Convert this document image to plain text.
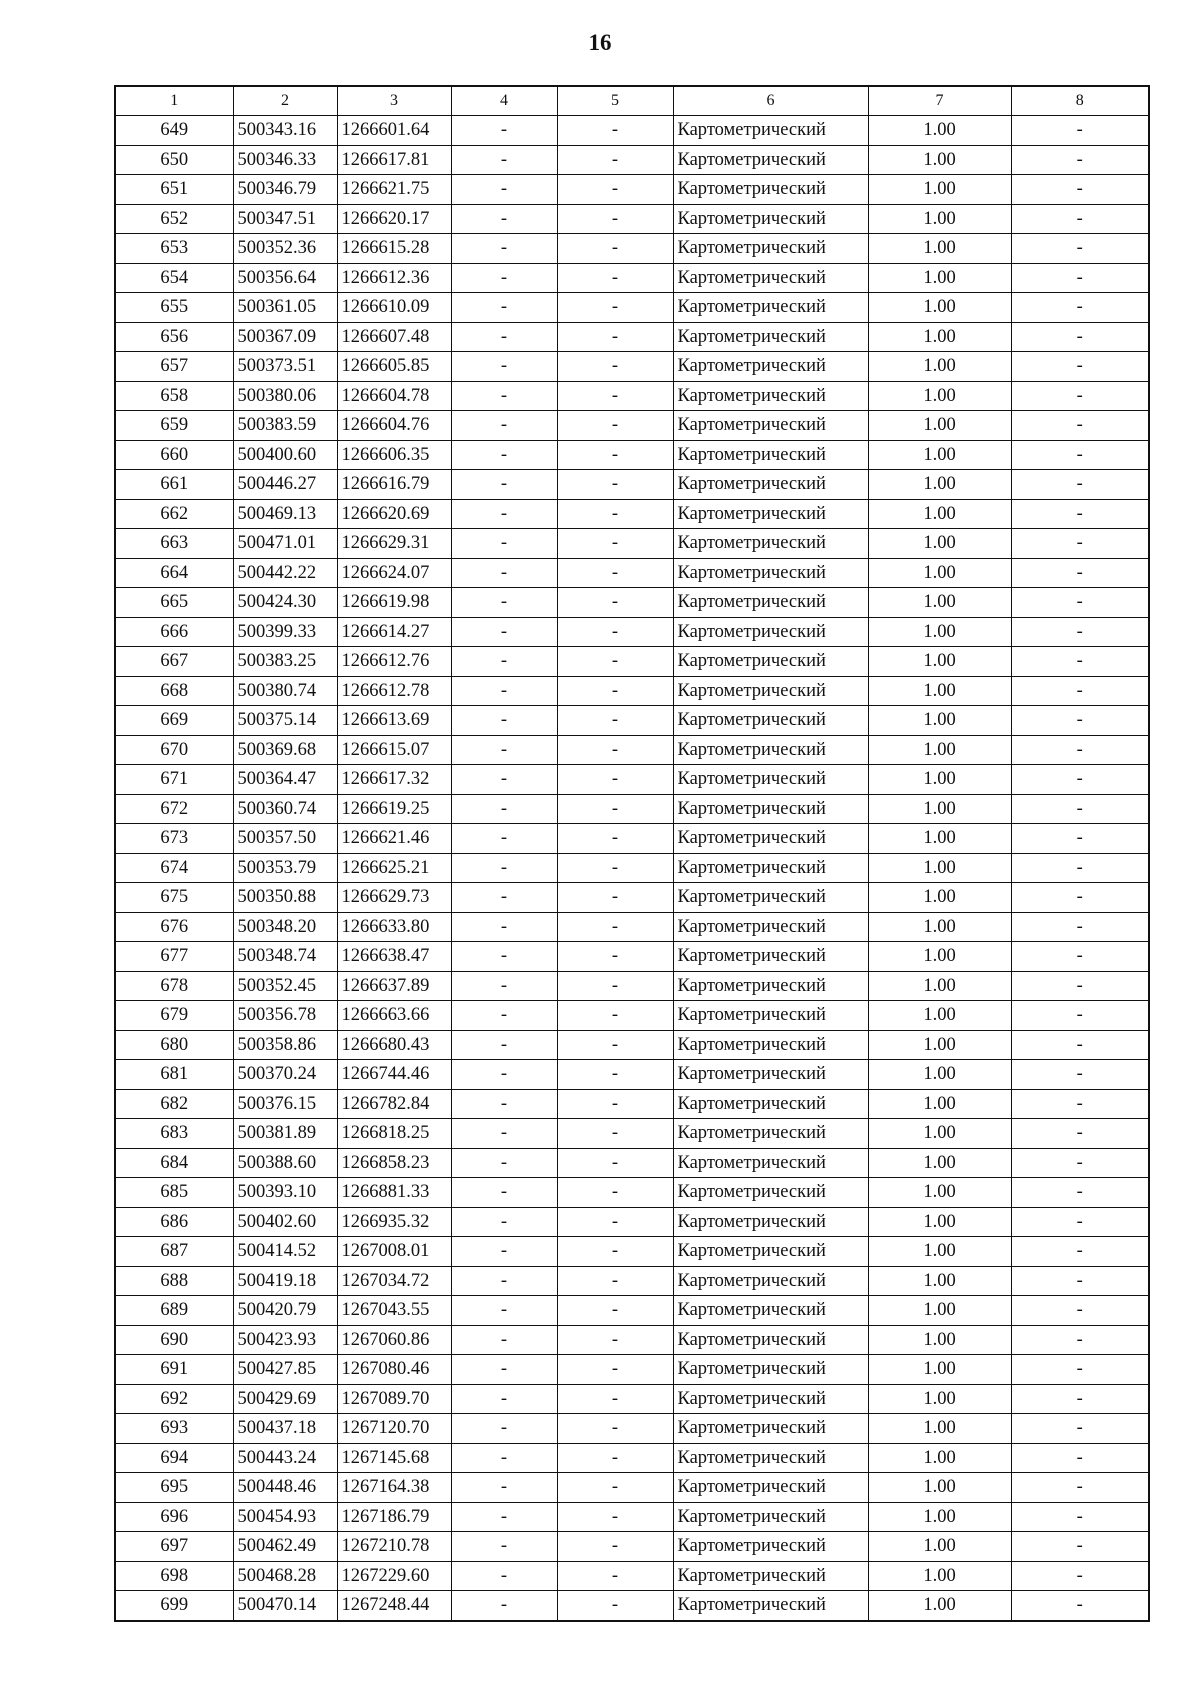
16
1	2	3	4	5	6	7	8
649	500343.16	1266601.64	-	-	Картометрический	1.00	-
650	500346.33	1266617.81	-	-	Картометрический	1.00	-
651	500346.79	1266621.75	-	-	Картометрический	1.00	-
652	500347.51	1266620.17	-	-	Картометрический	1.00	-
653	500352.36	1266615.28	-	-	Картометрический	1.00	-
654	500356.64	1266612.36	-	-	Картометрический	1.00	-
655	500361.05	1266610.09	-	-	Картометрический	1.00	-
656	500367.09	1266607.48	-	-	Картометрический	1.00	-
657	500373.51	1266605.85	-	-	Картометрический	1.00	-
658	500380.06	1266604.78	-	-	Картометрический	1.00	-
659	500383.59	1266604.76	-	-	Картометрический	1.00	-
660	500400.60	1266606.35	-	-	Картометрический	1.00	-
661	500446.27	1266616.79	-	-	Картометрический	1.00	-
662	500469.13	1266620.69	-	-	Картометрический	1.00	-
663	500471.01	1266629.31	-	-	Картометрический	1.00	-
664	500442.22	1266624.07	-	-	Картометрический	1.00	-
665	500424.30	1266619.98	-	-	Картометрический	1.00	-
666	500399.33	1266614.27	-	-	Картометрический	1.00	-
667	500383.25	1266612.76	-	-	Картометрический	1.00	-
668	500380.74	1266612.78	-	-	Картометрический	1.00	-
669	500375.14	1266613.69	-	-	Картометрический	1.00	-
670	500369.68	1266615.07	-	-	Картометрический	1.00	-
671	500364.47	1266617.32	-	-	Картометрический	1.00	-
672	500360.74	1266619.25	-	-	Картометрический	1.00	-
673	500357.50	1266621.46	-	-	Картометрический	1.00	-
674	500353.79	1266625.21	-	-	Картометрический	1.00	-
675	500350.88	1266629.73	-	-	Картометрический	1.00	-
676	500348.20	1266633.80	-	-	Картометрический	1.00	-
677	500348.74	1266638.47	-	-	Картометрический	1.00	-
678	500352.45	1266637.89	-	-	Картометрический	1.00	-
679	500356.78	1266663.66	-	-	Картометрический	1.00	-
680	500358.86	1266680.43	-	-	Картометрический	1.00	-
681	500370.24	1266744.46	-	-	Картометрический	1.00	-
682	500376.15	1266782.84	-	-	Картометрический	1.00	-
683	500381.89	1266818.25	-	-	Картометрический	1.00	-
684	500388.60	1266858.23	-	-	Картометрический	1.00	-
685	500393.10	1266881.33	-	-	Картометрический	1.00	-
686	500402.60	1266935.32	-	-	Картометрический	1.00	-
687	500414.52	1267008.01	-	-	Картометрический	1.00	-
688	500419.18	1267034.72	-	-	Картометрический	1.00	-
689	500420.79	1267043.55	-	-	Картометрический	1.00	-
690	500423.93	1267060.86	-	-	Картометрический	1.00	-
691	500427.85	1267080.46	-	-	Картометрический	1.00	-
692	500429.69	1267089.70	-	-	Картометрический	1.00	-
693	500437.18	1267120.70	-	-	Картометрический	1.00	-
694	500443.24	1267145.68	-	-	Картометрический	1.00	-
695	500448.46	1267164.38	-	-	Картометрический	1.00	-
696	500454.93	1267186.79	-	-	Картометрический	1.00	-
697	500462.49	1267210.78	-	-	Картометрический	1.00	-
698	500468.28	1267229.60	-	-	Картометрический	1.00	-
699	500470.14	1267248.44	-	-	Картометрический	1.00	-
